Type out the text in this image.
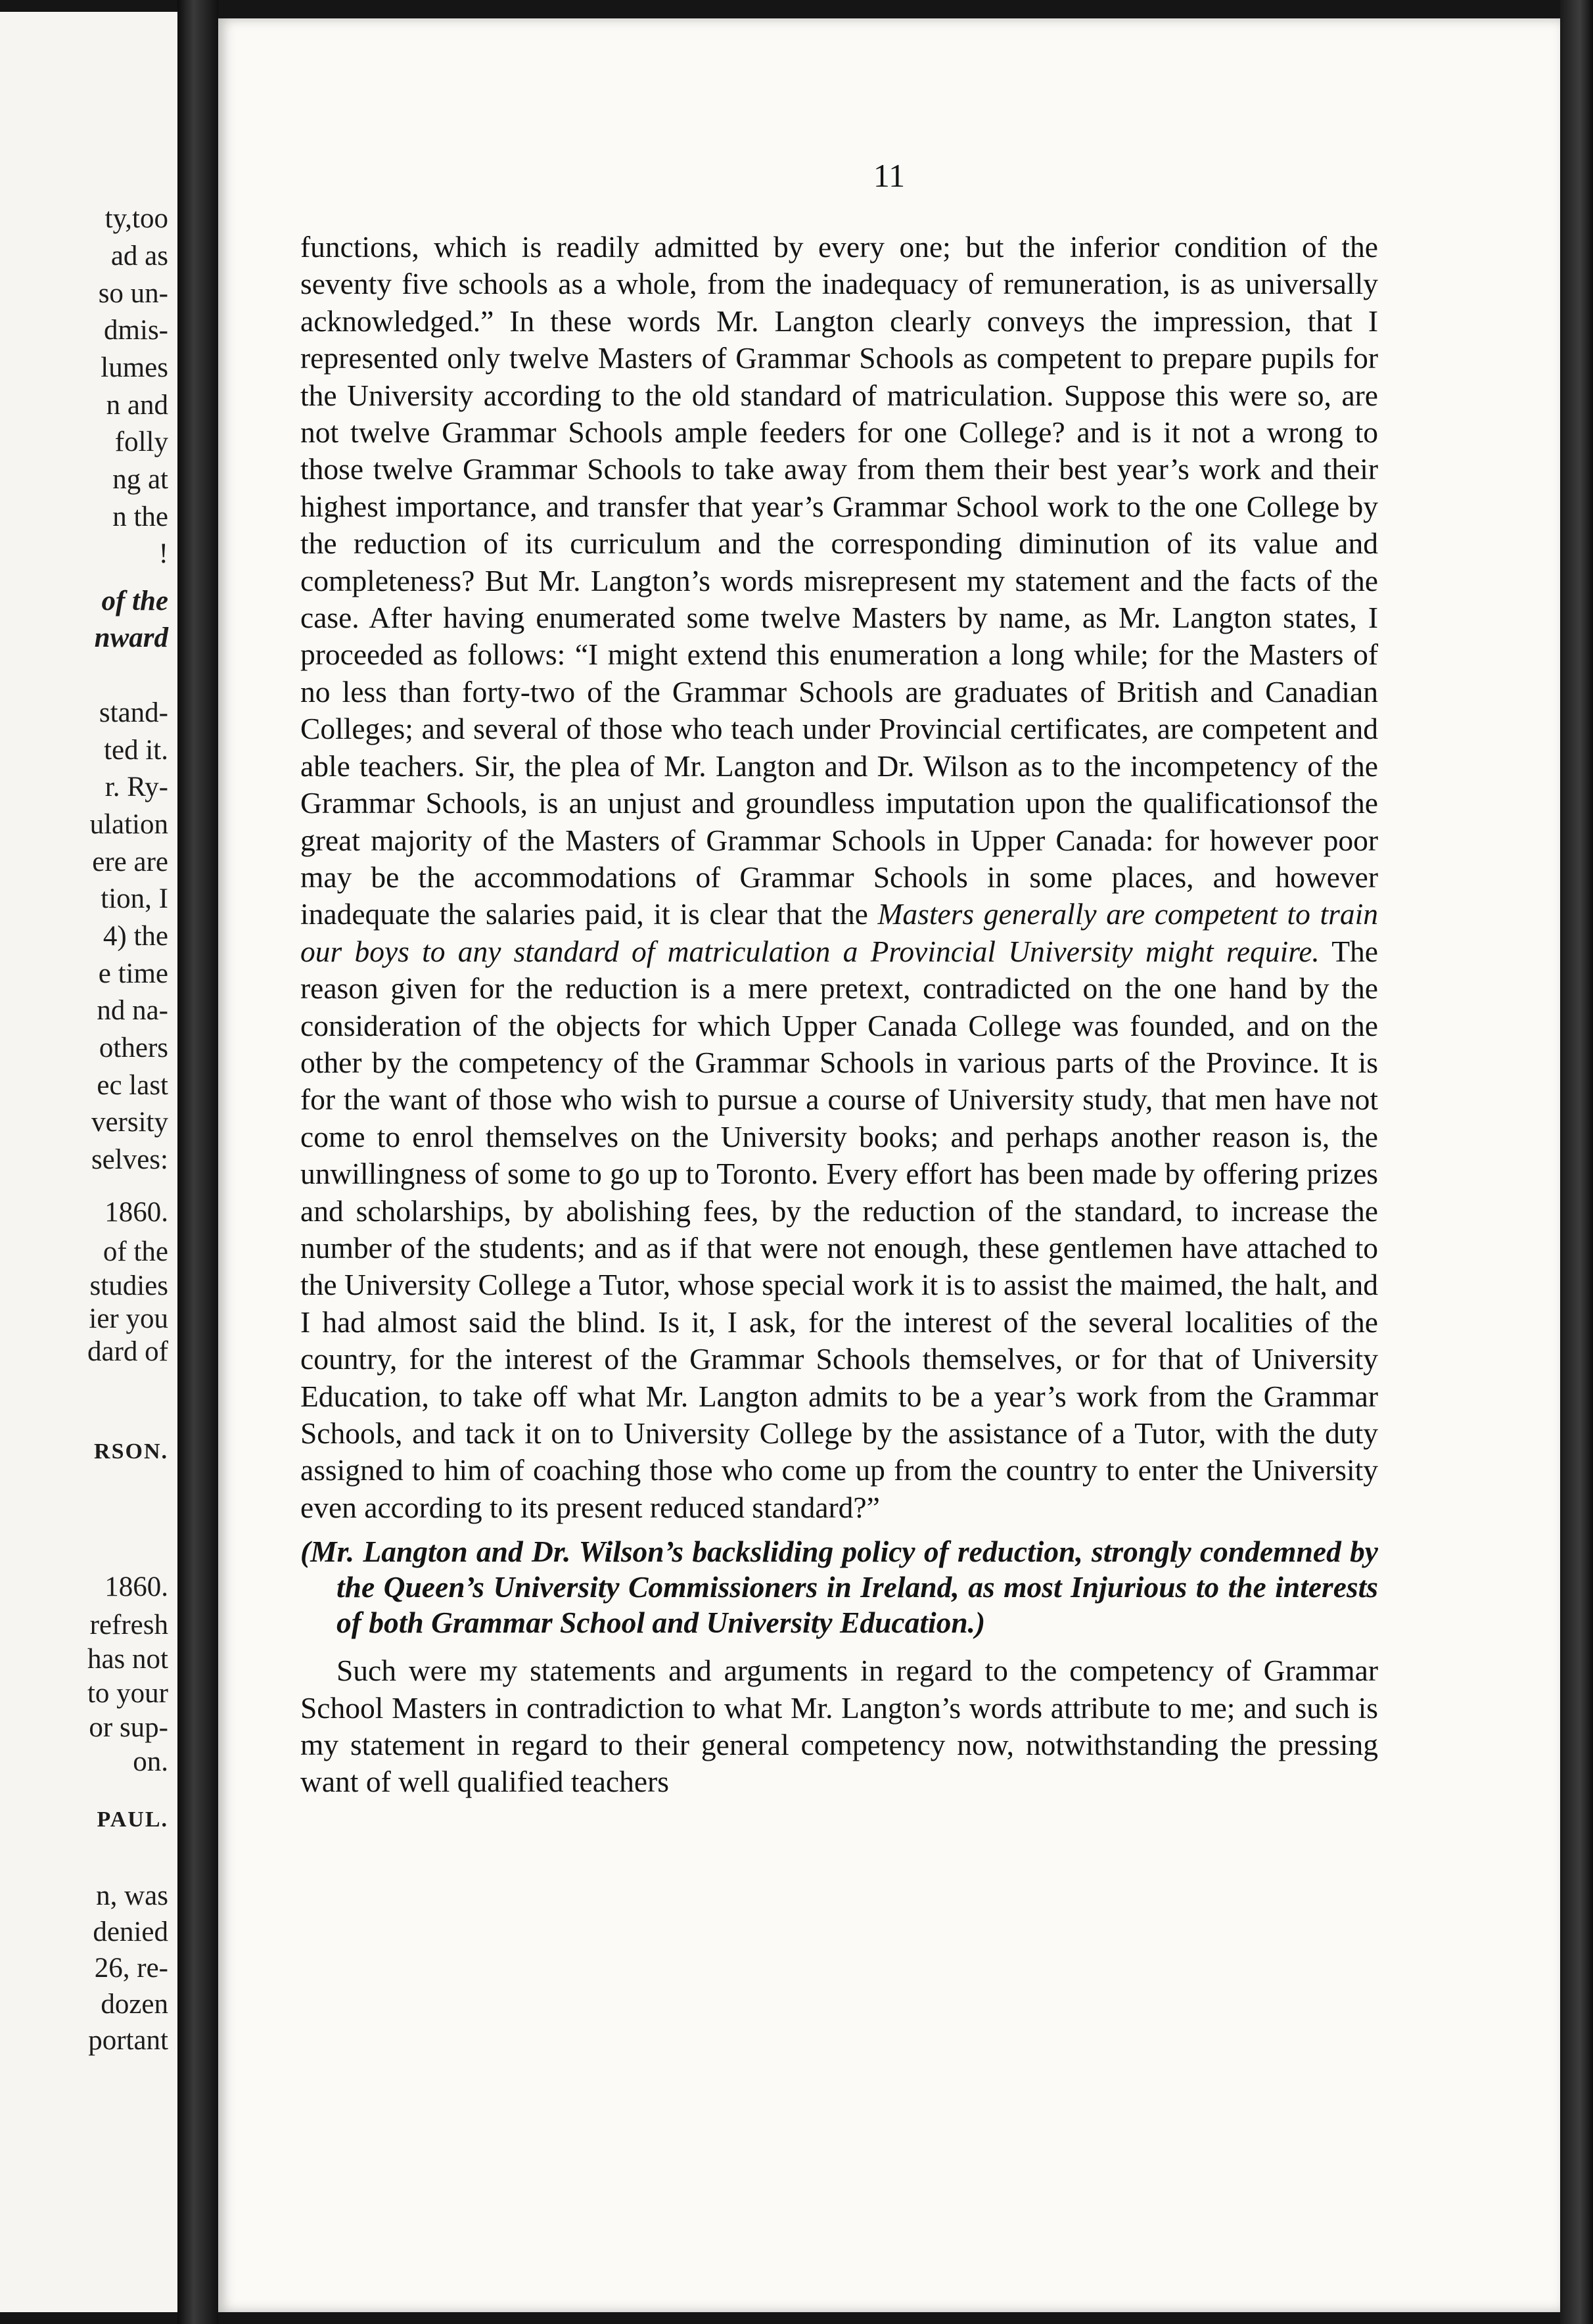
ty,too
ad as
so un-
dmis-
lumes
n and
folly
ng at
n the
!
of the
nward
stand-
ted it.
r. Ry-
ulation
ere are
tion, I
4) the
e time
nd na-
others
ec last
versity
selves:
1860.
of the
studies
ier you
dard of
RSON.
1860.
refresh
has not
to your
or sup-
on.
PAUL.
n, was
denied
26, re-
dozen
portant
11

functions, which is readily admitted by every one; but the inferior condition of the seventy five schools as a whole, from the inadequacy of remuneration, is as universally acknowledged.” In these words Mr. Langton clearly conveys the impression, that I represented only twelve Masters of Grammar Schools as competent to prepare pupils for the University according to the old standard of matriculation. Suppose this were so, are not twelve Grammar Schools ample feeders for one College? and is it not a wrong to those twelve Grammar Schools to take away from them their best year’s work and their highest importance, and transfer that year’s Grammar School work to the one College by the reduction of its curriculum and the corresponding diminution of its value and completeness? But Mr. Langton’s words misrepresent my statement and the facts of the case. After having enumerated some twelve Masters by name, as Mr. Langton states, I proceeded as follows: “I might extend this enumeration a long while; for the Masters of no less than forty-two of the Grammar Schools are graduates of British and Canadian Colleges; and several of those who teach under Provincial certificates, are competent and able teachers. Sir, the plea of Mr. Langton and Dr. Wilson as to the incompetency of the Grammar Schools, is an unjust and groundless imputation upon the qualificationsof the great majority of the Masters of Grammar Schools in Upper Canada: for however poor may be the accommodations of Grammar Schools in some places, and however inadequate the salaries paid, it is clear that the Masters generally are competent to train our boys to any standard of matriculation a Provincial University might require. The reason given for the reduction is a mere pretext, contradicted on the one hand by the consideration of the objects for which Upper Canada College was founded, and on the other by the competency of the Grammar Schools in various parts of the Province. It is for the want of those who wish to pursue a course of University study, that men have not come to enrol themselves on the University books; and perhaps another reason is, the unwillingness of some to go up to Toronto. Every effort has been made by offering prizes and scholarships, by abolishing fees, by the reduction of the standard, to increase the number of the students; and as if that were not enough, these gentlemen have attached to the University College a Tutor, whose special work it is to assist the maimed, the halt, and I had almost said the blind. Is it, I ask, for the interest of the several localities of the country, for the interest of the Grammar Schools themselves, or for that of University Education, to take off what Mr. Langton admits to be a year’s work from the Grammar Schools, and tack it on to University College by the assistance of a Tutor, with the duty assigned to him of coaching those who come up from the country to enter the University even according to its present reduced standard?”

(Mr. Langton and Dr. Wilson’s backsliding policy of reduction, strongly condemned by the Queen’s University Commissioners in Ireland, as most Injurious to the interests of both Grammar School and University Education.)

Such were my statements and arguments in regard to the competency of Grammar School Masters in contradiction to what Mr. Langton’s words attribute to me; and such is my statement in regard to their general competency now, notwithstanding the pressing want of well qualified teachers
